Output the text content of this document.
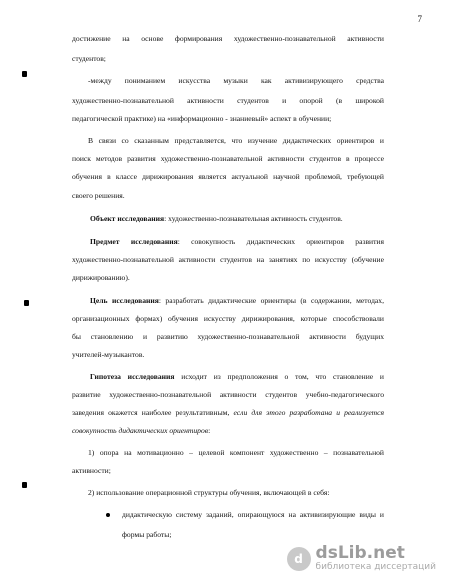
7
достижение на основе формирования художественно-познавательной активности
студентов;
-между пониманием искусства музыки как активизирующего средства
художественно-познавательной активности студентов и опорой (в широкой
педагогической практике) на «информационно - знаниевый» аспект в обучении;
В связи со сказанным представляется, что изучение дидактических ориентиров и
поиск методов развития художественно-познавательной активности студентов в процессе
обучения в классе дирижирования является актуальной научной проблемой, требующей
своего решения.
Объект исследования: художественно-познавательная активность студентов.
Предмет исследования: совокупность дидактических ориентиров развития
художественно-познавательной активности студентов на занятиях по искусству (обучение
дирижированию).
Цель исследования: разработать дидактические ориентиры (в содержании, методах,
организационных формах) обучения искусству дирижирования, которые способствовали
бы становлению и развитию художественно-познавательной активности будущих
учителей-музыкантов.
Гипотеза исследования исходит из предположения о том, что становление и
развитие художественно-познавательной активности студентов учебно-педагогического
заведения окажется наиболее результативным, если для этого разработана и реализуется
совокупность дидактических ориентиров:
1) опора на мотивационно – целевой компонент художественно – познавательной
активности;
2) использование операционной структуры обучения, включающей в себя:
дидактическую систему заданий, опирающуюся на активизирующие виды и
формы работы;
d dsLib.net
библиотека диссертаций
